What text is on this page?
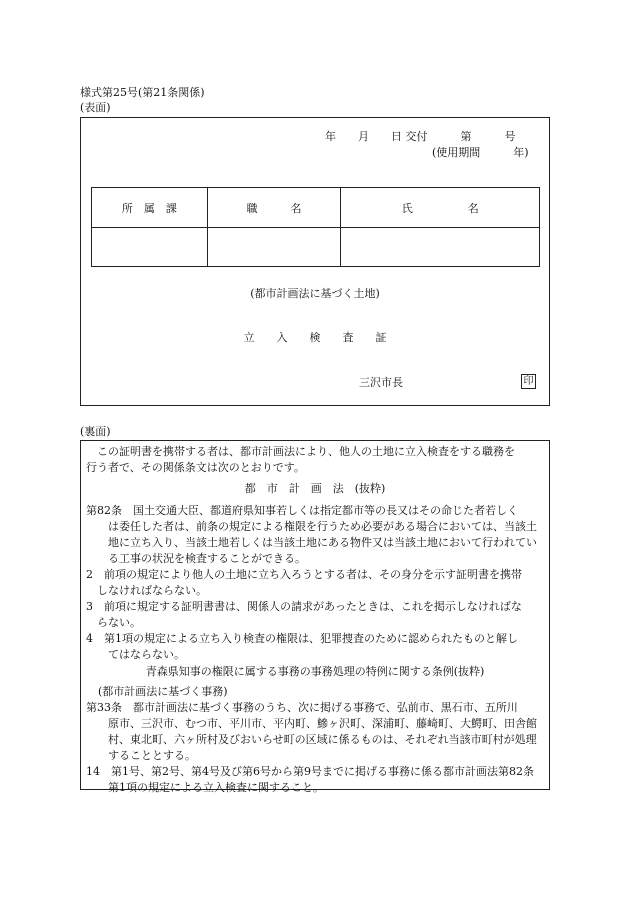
様式第25号(第21条関係)
(表面)
年　　月　　日 交付　　　第　　　号
(使用期間　　　年)
所　属　課	職　　　名	氏　　　　　名

(都市計画法に基づく土地)
立　　入　　検　　査　　証
三沢市長	印
(裏面)
　この証明書を携帯する者は、都市計画法により、他人の土地に立入検査をする職務を
行う者で、その関係条文は次のとおりです。
都　市　計　画　法　(抜粋)
第82条　国土交通大臣、都道府県知事若しくは指定都市等の長又はその命じた者若しく
　　は委任した者は、前条の規定による権限を行うため必要がある場合においては、当該土
　　地に立ち入り、当該土地若しくは当該土地にある物件又は当該土地において行われてい
　　る工事の状況を検査することができる。
2　前項の規定により他人の土地に立ち入ろうとする者は、その身分を示す証明書を携帯
　しなければならない。
3　前項に規定する証明書書は、関係人の請求があったときは、これを掲示しなければな
　らない。
4　第1項の規定による立ち入り検査の権限は、犯罪捜査のために認められたものと解し
　　てはならない。
青森県知事の権限に属する事務の事務処理の特例に関する条例(抜粋)
(都市計画法に基づく事務)
第33条　都市計画法に基づく事務のうち、次に掲げる事務で、弘前市、黒石市、五所川
　　原市、三沢市、むつ市、平川市、平内町、鰺ヶ沢町、深浦町、藤崎町、大鰐町、田舎館
　　村、東北町、六ヶ所村及びおいらせ町の区域に係るものは、それぞれ当該市町村が処理
　　することとする。
14　第1号、第2号、第4号及び第6号から第9号までに掲げる事務に係る都市計画法第82条
　　第1項の規定による立入検査に関すること。
